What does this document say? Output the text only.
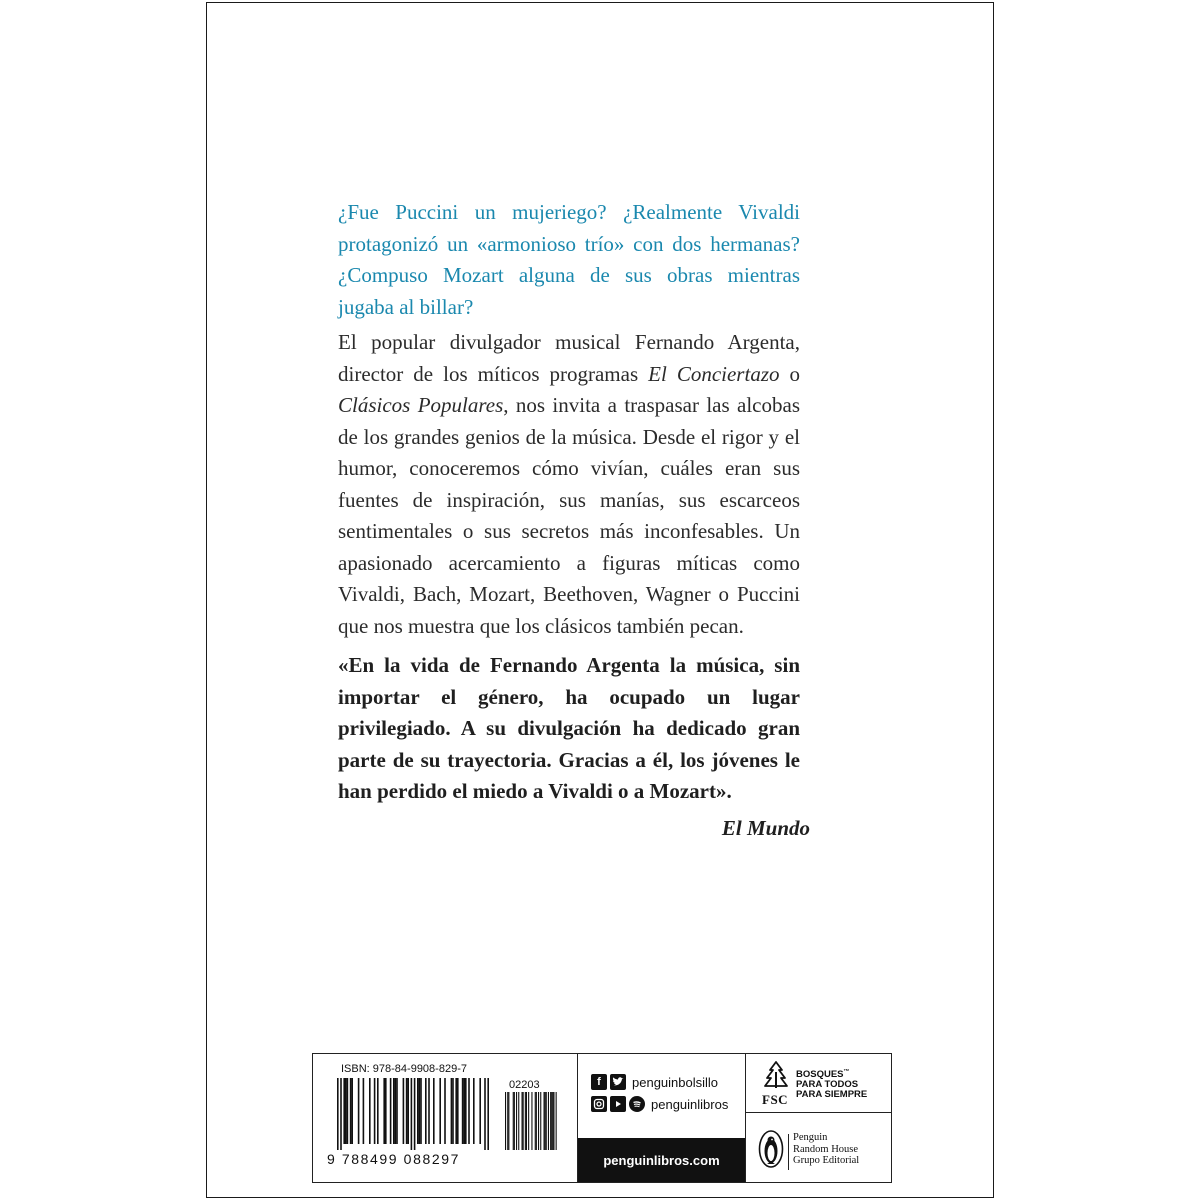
¿Fue Puccini un mujeriego? ¿Realmente Vivaldi protagonizó un «armonioso trío» con dos hermanas? ¿Compuso Mozart alguna de sus obras mientras jugaba al billar?

El popular divulgador musical Fernando Argenta, director de los míticos programas El Conciertazo o Clásicos Populares, nos invita a traspasar las alcobas de los grandes genios de la música. Desde el rigor y el humor, conoceremos cómo vivían, cuáles eran sus fuentes de inspiración, sus manías, sus escarceos sentimentales o sus secretos más inconfesables. Un apasionado acercamiento a figuras míticas como Vivaldi, Bach, Mozart, Beethoven, Wagner o Puccini que nos muestra que los clásicos también pecan.

«En la vida de Fernando Argenta la música, sin importar el género, ha ocupado un lugar privilegiado. A su divulgación ha dedicado gran parte de su trayectoria. Gracias a él, los jóvenes le han perdido el miedo a Vivaldi o a Mozart».

El Mundo
ISBN: 978-84-9908-829-7
02203
9 788499 088297
f	penguinbolsillo
penguinlibros
penguinlibros.com
FSC
BOSQUES™
PARA TODOS
PARA SIEMPRE
Penguin
Random House
Grupo Editorial
